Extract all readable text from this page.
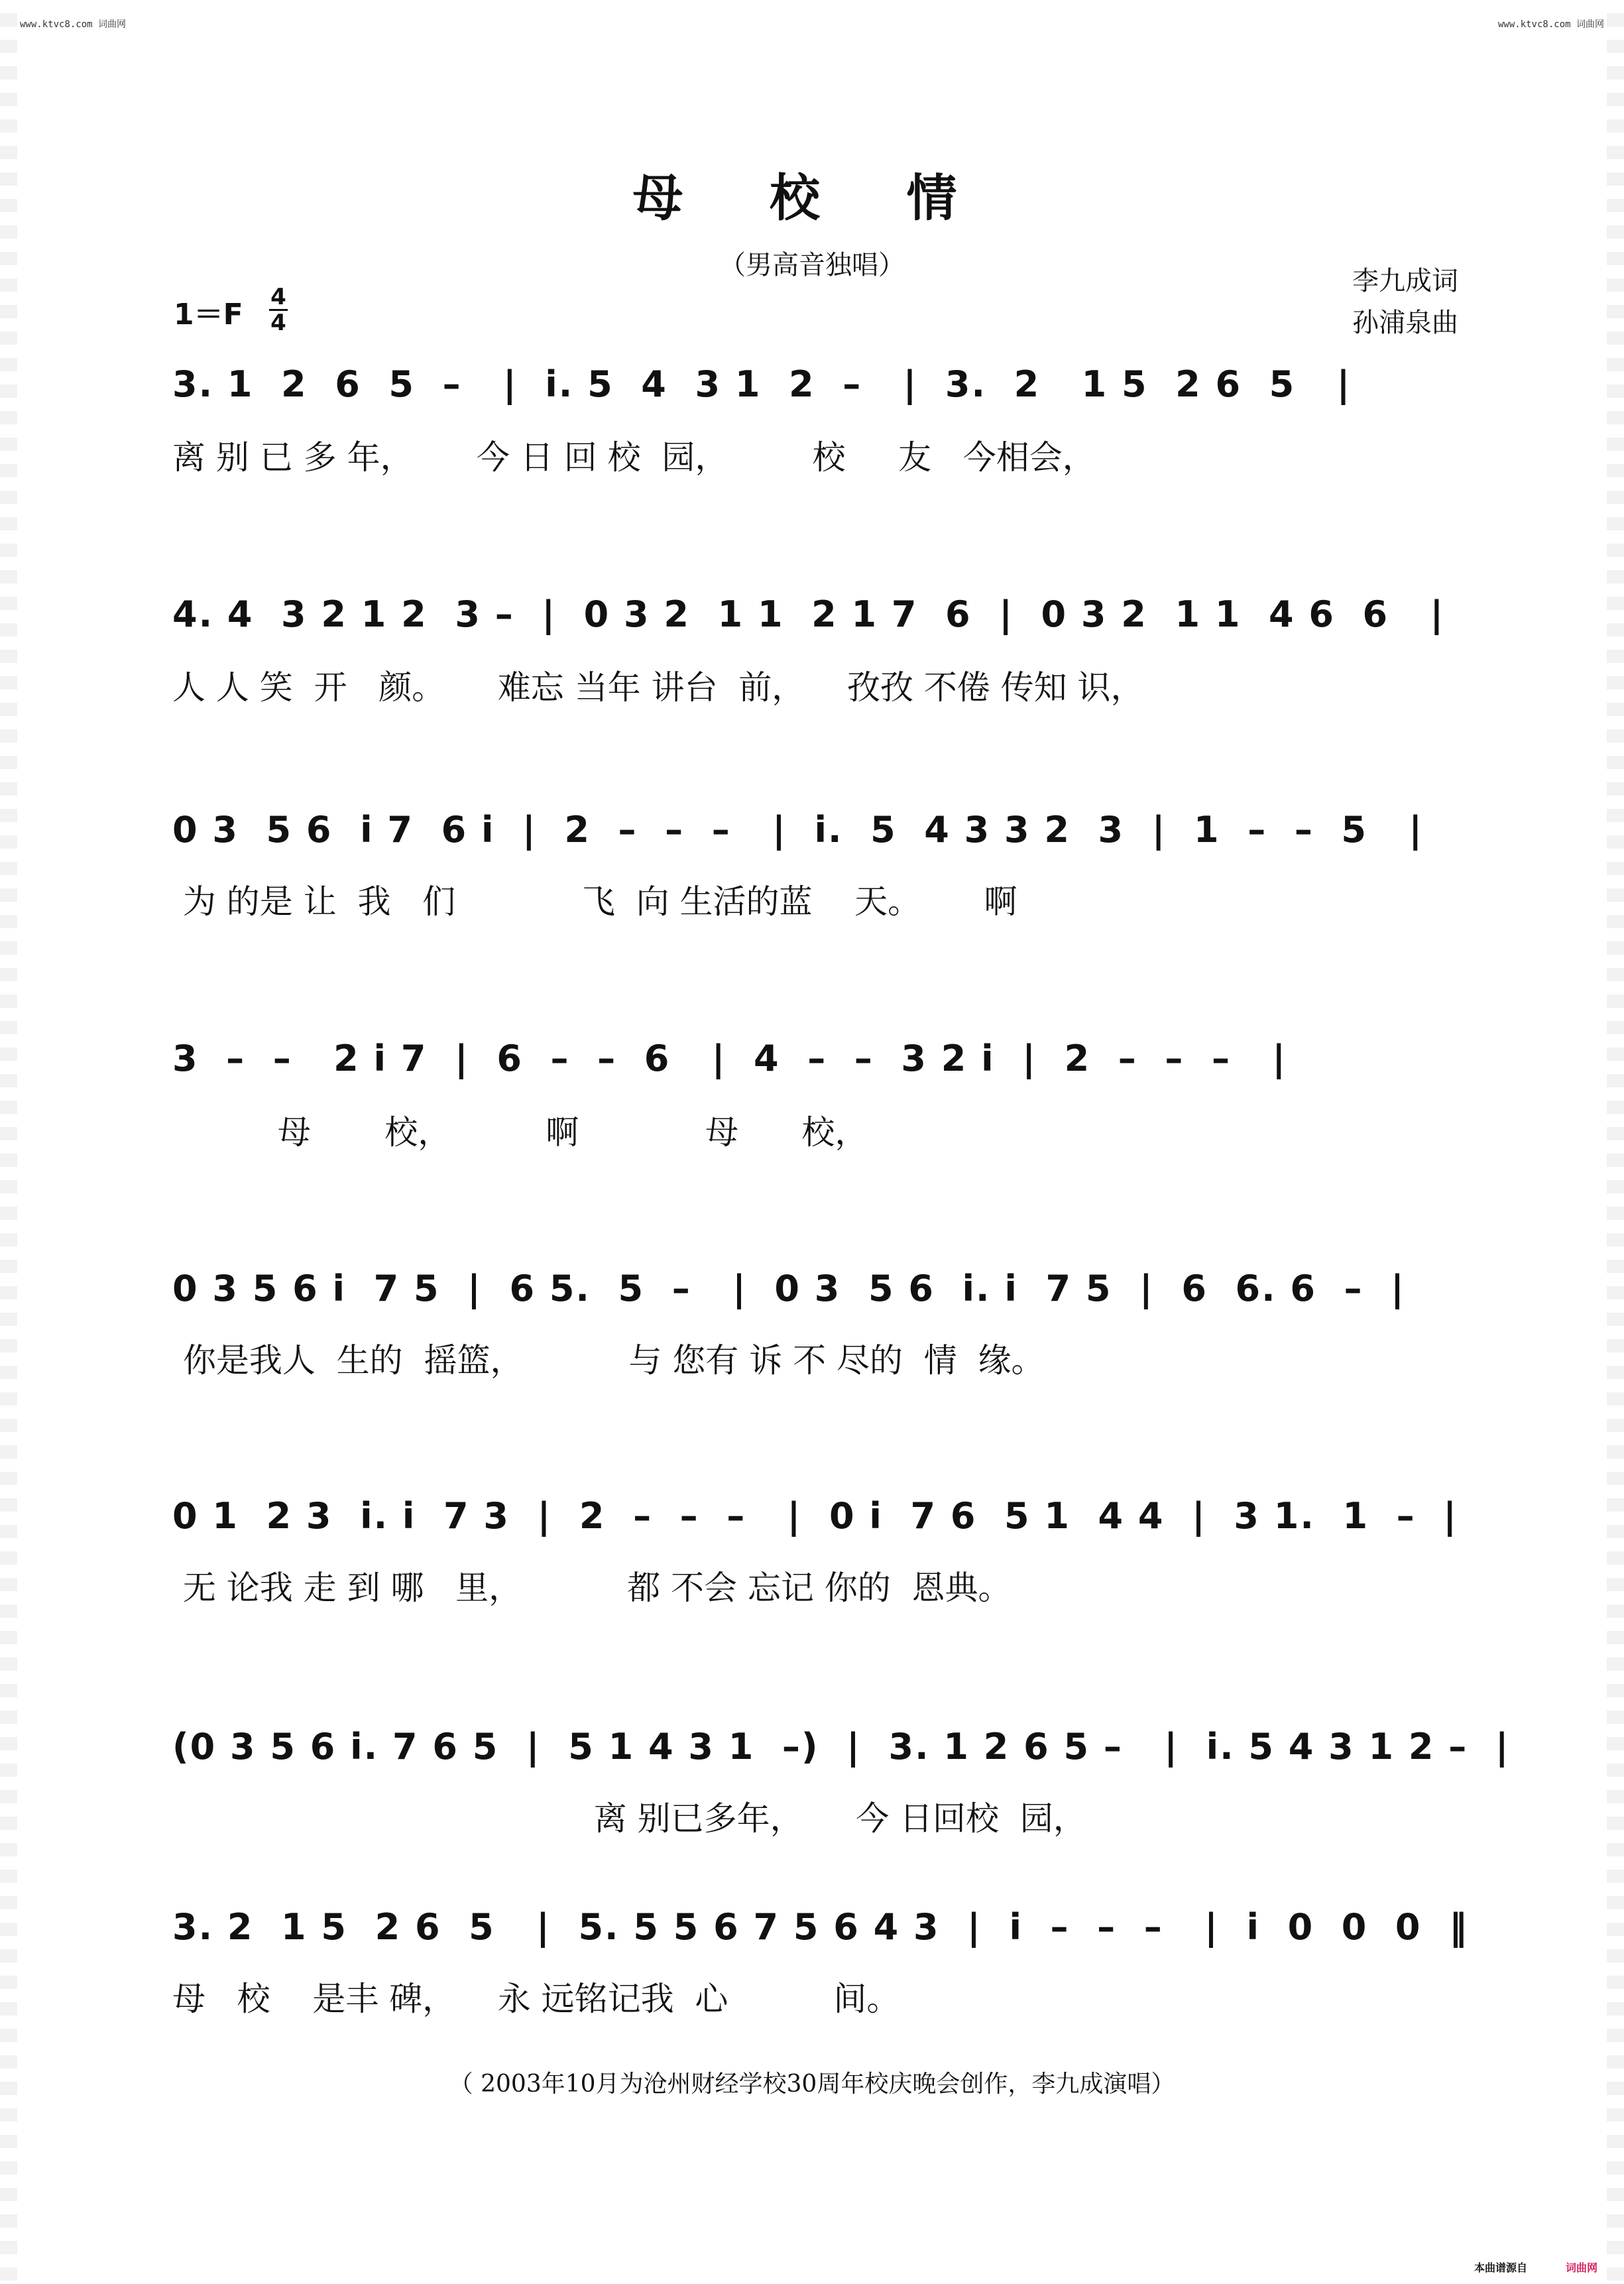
www.ktvc8.com 词曲网	www.ktvc8.com 词曲网
母 校 情
（男高音独唱）
李九成词
孙浦泉曲
1＝F
4
4
3. 1  2  6  5  –   |  i. 5  4  3 1  2  –   |  3.  2   1 5  2 6  5   |
离 别 已 多 年，      今 日 回 校  园，        校     友   今相会，
4. 4  3 2 1 2  3 –  |  0 3 2  1 1  2 1 7  6  |  0 3 2  1 1  4 6  6   |
人 人 笑  开   颜。     难忘 当年 讲台  前，    孜孜 不倦 传知 识，
0 3  5 6  i 7  6 i  |  2  –  –  –   |  i.  5  4 3 3 2  3  |  1  –  –  5   |
为 的是 让  我   们            飞  向 生活的蓝    天。      啊
3  –  –   2 i 7  |  6  –  –  6   |  4  –  –  3 2 i  |  2  –  –  –   |
母       校，         啊            母      校，
0 3 5 6 i  7 5  |  6 5.  5  –   |  0 3  5 6  i. i  7 5  |  6  6. 6  –  |
你是我人  生的  摇篮，          与 您有 诉 不 尽的  情  缘。
0 1  2 3  i. i  7 3  |  2  –  –  –   |  0 i  7 6  5 1  4 4  |  3 1.  1  –  |
无 论我 走 到 哪   里，          都 不会 忘记 你的  恩典。
(0 3 5 6 i. 7 6 5  |  5 1 4 3 1  –)  |  3. 1 2 6 5 –   |  i. 5 4 3 1 2 –  |
离 别已多年，     今 日回校  园，
3. 2  1 5  2 6  5   |  5. 5 5 6 7 5 6 4 3  |  i  –  –  –   |  i  0  0  0  ‖
母   校    是丰 碑，    永 远铭记我  心          间。
（ 2003年10月为沧州财经学校30周年校庆晚会创作，李九成演唱）
本曲谱源自	词曲网
